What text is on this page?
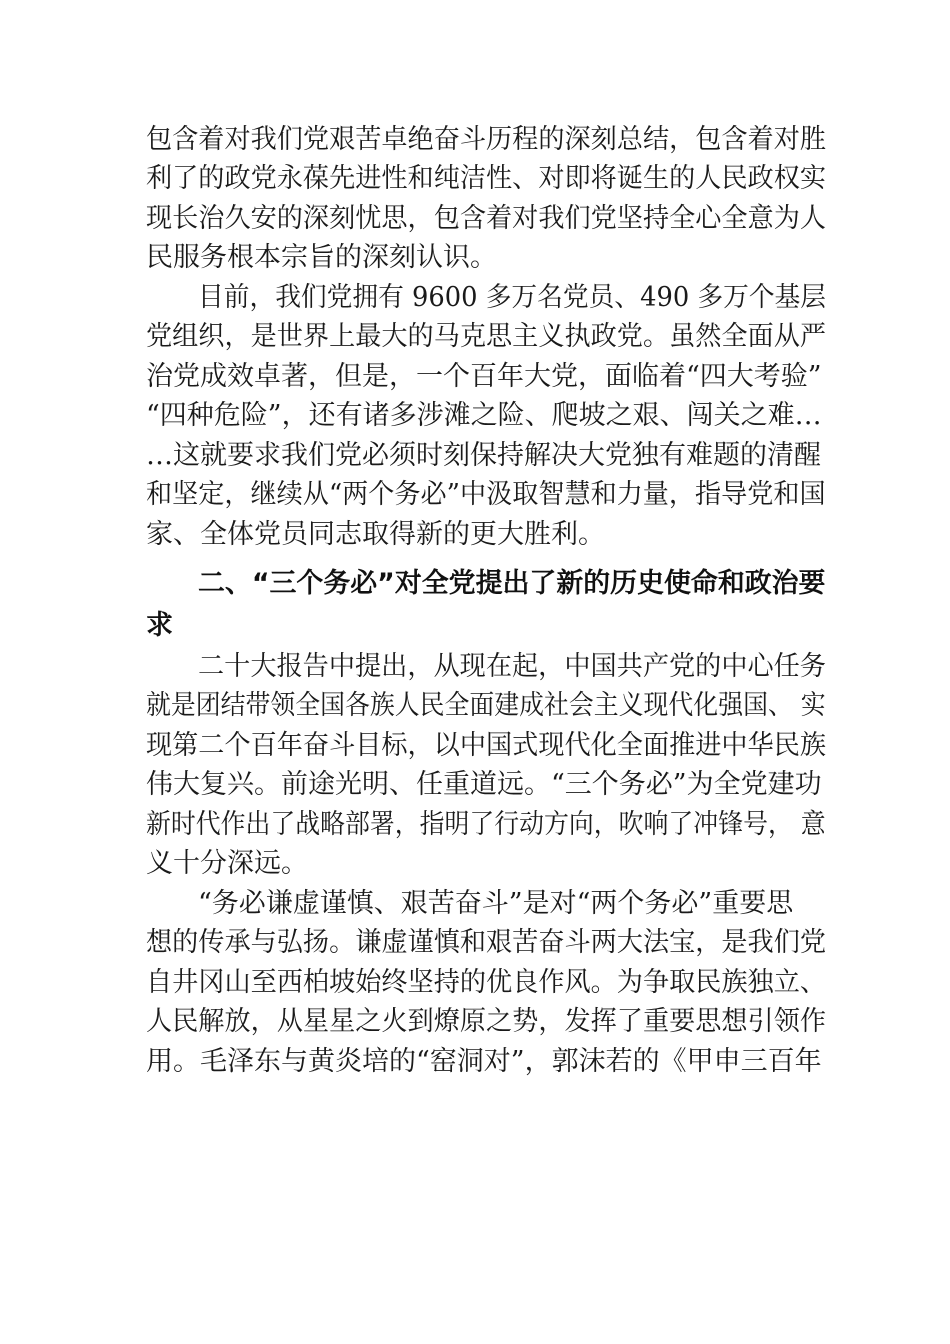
包含着对我们党艰苦卓绝奋斗历程的深刻总结，包含着对胜
利了的政党永葆先进性和纯洁性、对即将诞生的人民政权实
现长治久安的深刻忧思，包含着对我们党坚持全心全意为人
民服务根本宗旨的深刻认识。
目前，我们党拥有 9600 多万名党员、490 多万个基层
党组织，是世界上最大的马克思主义执政党。虽然全面从严
治党成效卓著，但是，一个百年大党，面临着“四大考验”
“四种危险”，还有诸多涉滩之险、爬坡之艰、闯关之难…
…这就要求我们党必须时刻保持解决大党独有难题的清醒
和坚定，继续从“两个务必”中汲取智慧和力量，指导党和国
家、全体党员同志取得新的更大胜利。
二、“三个务必”对全党提出了新的历史使命和政治要
求
二十大报告中提出，从现在起，中国共产党的中心任务
就是团结带领全国各族人民全面建成社会主义现代化强国、 实
现第二个百年奋斗目标，以中国式现代化全面推进中华民族
伟大复兴。前途光明、任重道远。“三个务必”为全党建功
新时代作出了战略部署，指明了行动方向，吹响了冲锋号， 意
义十分深远。
“务必谦虚谨慎、艰苦奋斗”是对“两个务必”重要思
想的传承与弘扬。谦虚谨慎和艰苦奋斗两大法宝，是我们党
自井冈山至西柏坡始终坚持的优良作风。为争取民族独立、
人民解放，从星星之火到燎原之势，发挥了重要思想引领作
用。毛泽东与黄炎培的“窑洞对”，郭沫若的《甲申三百年
